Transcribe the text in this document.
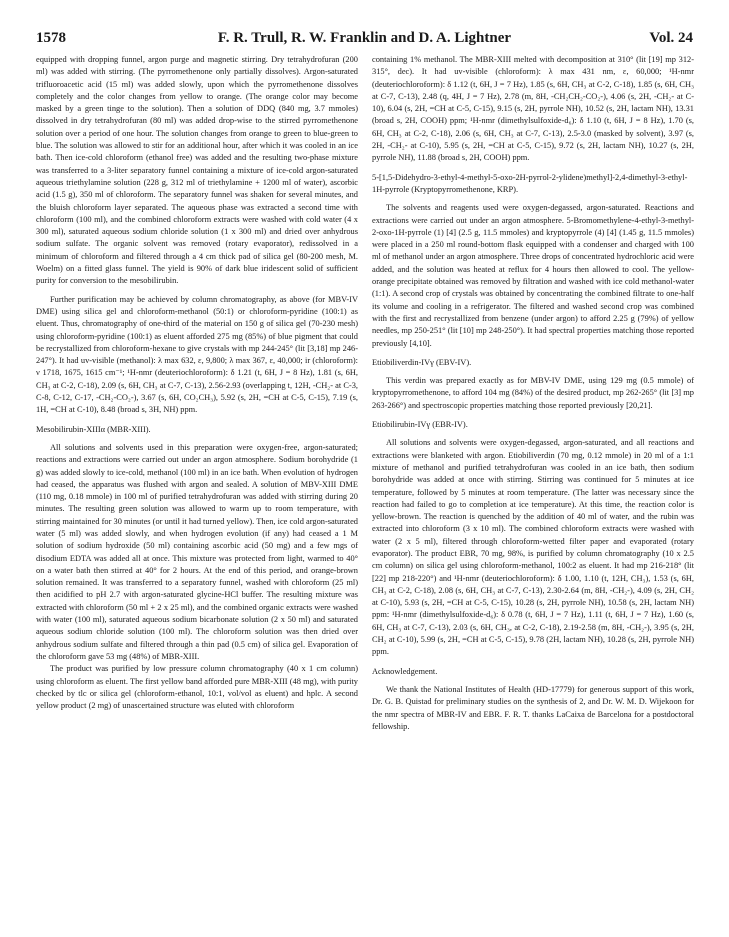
1578	F. R. Trull, R. W. Franklin and D. A. Lightner	Vol. 24

equipped with dropping funnel, argon purge and magnetic stirring. Dry tetrahydrofuran (200 ml) was added with stirring. (The pyrromethenone only partially dissolves). Argon-saturated trifluoroacetic acid (15 ml) was added slowly, upon which the pyrromethenone dissolves completely and the color changes from yellow to orange. (The orange color may become masked by a green tinge to the solution). Then a solution of DDQ (840 mg, 3.7 mmoles) dissolved in dry tetrahydrofuran (80 ml) was added drop-wise to the stirred pyrromethenone solution over a period of one hour. The solution changes from orange to green to blue-green to blue. The solution was allowed to stir for an additional hour, after which it was cooled in an ice bath. Then ice-cold chloroform (ethanol free) was added and the resulting two-phase mixture was transferred to a 3-liter separatory funnel containing a mixture of ice-cold argon-saturated aqueous triethylamine solution (228 g, 312 ml of triethylamine + 1200 ml of water), ascorbic acid (1.5 g), 350 ml of chloroform. The separatory funnel was shaken for several minutes, and the bluish chloroform layer separated. The aqueous phase was extracted a second time with chloroform (100 ml), and the combined chloroform extracts were washed with cold water (4 x 300 ml), saturated aqueous sodium chloride solution (1 x 300 ml) and dried over anhydrous sodium sulfate. The organic solvent was removed (rotary evaporator), redissolved in a minimum of chloroform and filtered through a 4 cm thick pad of silica gel (80-200 mesh, M. Woelm) on a fitted glass funnel. The yield is 90% of dark blue iridescent solid of sufficient purity for conversion to the mesobilirubin.

Further purification may be achieved by column chromatography, as above (for MBV-IV DME) using silica gel and chloroform-methanol (50:1) or chloroform-pyridine (100:1) as eluent. Thus, chromatography of one-third of the material on 150 g of silica gel (70-230 mesh) using chloroform-pyridine (100:1) as eluent afforded 275 mg (85%) of blue pigment that could be recrystallized from chloroform-hexane to give crystals with mp 244-245° (lit [3,18] mp 246-247°). It had uv-visible (methanol): λ max 632, ε, 9,800; λ max 367, ε, 40,000; ir (chloroform): ν 1718, 1675, 1615 cm⁻¹; ¹H-nmr (deuteriochloroform): δ 1.21 (t, 6H, J = 8 Hz), 1.81 (s, 6H, CH₃ at C-2, C-18), 2.09 (s, 6H, CH₃ at C-7, C-13), 2.56-2.93 (overlapping t, 12H, -CH₂- at C-3, C-8, C-12, C-17, -CH₂-CO₂-), 3.67 (s, 6H, CO₂CH₃), 5.92 (s, 2H, =CH at C-5, C-15), 7.19 (s, 1H, =CH at C-10), 8.48 (broad s, 3H, NH) ppm.

Mesobilirubin-XIIIα (MBR-XIII).

All solutions and solvents used in this preparation were oxygen-free, argon-saturated; reactions and extractions were carried out under an argon atmosphere. Sodium borohydride (1 g) was added slowly to ice-cold, methanol (100 ml) in an ice bath. When evolution of hydrogen had ceased, the apparatus was flushed with argon and sealed. A solution of MBV-XIII DME (110 mg, 0.18 mmole) in 100 ml of purified tetrahydrofuran was added with stirring during 20 minutes. The resulting green solution was allowed to warm up to room temperature, with stirring maintained for 30 minutes (or until it had turned yellow). Then, ice cold argon-saturated water (5 ml) was added slowly, and when hydrogen evolution (if any) had ceased a 1 M solution of sodium hydroxide (50 ml) containing ascorbic acid (50 mg) and a few mgs of disodium EDTA was added all at once. This mixture was protected from light, warmed to 40° on a water bath then stirred at 40° for 2 hours. At the end of this period, and orange-brown solution remained. It was transferred to a separatory funnel, washed with chloroform (25 ml) then acidified to pH 2.7 with argon-saturated glycine-HCl buffer. The resulting mixture was extracted with chloroform (50 ml + 2 x 25 ml), and the combined organic extracts were washed with water (100 ml), saturated aqueous sodium bicarbonate solution (2 x 50 ml) and saturated aqueous sodium chloride solution (100 ml). The chloroform solution was then dried over anhydrous sodium sulfate and filtered through a thin pad (0.5 cm) of silica gel. Evaporation of the chloroform gave 53 mg (48%) of MBR-XIII.

The product was purified by low pressure column chromatography (40 x 1 cm column) using chloroform as eluent. The first yellow band afforded pure MBR-XIII (48 mg), with purity checked by tlc or silica gel (chloroform-ethanol, 10:1, vol/vol as eluent) and hplc. A second yellow product (2 mg) of unascertained structure was eluted with chloroform

containing 1% methanol. The MBR-XIII melted with decomposition at 310° (lit [19] mp 312-315°, dec). It had uv-visible (chloroform): λ max 431 nm, ε, 60,000; ¹H-nmr (deuteriochloroform): δ 1.12 (t, 6H, J = 7 Hz), 1.85 (s, 6H, CH₃ at C-2, C-18), 1.85 (s, 6H, CH₃ at C-7, C-13), 2.48 (q, 4H, J = 7 Hz), 2.78 (m, 8H, -CH₂CH₂-CO₂-), 4.06 (s, 2H, -CH₂- at C-10), 6.04 (s, 2H, =CH at C-5, C-15), 9.15 (s, 2H, pyrrole NH), 10.52 (s, 2H, lactam NH), 13.31 (broad s, 2H, COOH) ppm; ¹H-nmr (dimethylsulfoxide-d₆): δ 1.10 (t, 6H, J = 8 Hz), 1.70 (s, 6H, CH₃ at C-2, C-18), 2.06 (s, 6H, CH₃ at C-7, C-13), 2.5-3.0 (masked by solvent), 3.97 (s, 2H, -CH₂- at C-10), 5.95 (s, 2H, =CH at C-5, C-15), 9.72 (s, 2H, lactam NH), 10.27 (s, 2H, pyrrole NH), 11.88 (broad s, 2H, COOH) ppm.

5-[1,5-Didehydro-3-ethyl-4-methyl-5-oxo-2H-pyrrol-2-ylidene)methyl]-2,4-dimethyl-3-ethyl-1H-pyrrole (Kryptopyrromethenone, KRP).

The solvents and reagents used were oxygen-degassed, argon-saturated. Reactions and extractions were carried out under an argon atmosphere. 5-Bromomethylene-4-ethyl-3-methyl-2-oxo-1H-pyrrole (1) [4] (2.5 g, 11.5 mmoles) and kryptopyrrole (4) [4] (1.45 g, 11.5 mmoles) were placed in a 250 ml round-bottom flask equipped with a condenser and charged with 100 ml of methanol under an argon atmosphere. Three drops of concentrated hydrochloric acid were added, and the solution was heated at reflux for 4 hours then allowed to cool. The yellow-orange precipitate obtained was removed by filtration and washed with ice cold methanol-water (1:1). A second crop of crystals was obtained by concentrating the combined filtrate to one-half its volume and cooling in a refrigerator. The filtered and washed second crop was combined with the first and recrystallized from benzene (under argon) to afford 2.25 g (79%) of yellow needles, mp 250-251° (lit [10] mp 248-250°). It had spectral properties matching those reported previously [4,10].

Etiobiliverdin-IVγ (EBV-IV).

This verdin was prepared exactly as for MBV-IV DME, using 129 mg (0.5 mmole) of kryptopyrromethenone, to afford 104 mg (84%) of the desired product, mp 262-265° (lit [3] mp 263-266°) and spectroscopic properties matching those reported previously [20,21].

Etiobilirubin-IVγ (EBR-IV).

All solutions and solvents were oxygen-degassed, argon-saturated, and all reactions and extractions were blanketed with argon. Etiobiliverdin (70 mg, 0.12 mmole) in 20 ml of a 1:1 mixture of methanol and purified tetrahydrofuran was cooled in an ice bath, then sodium borohydride was added at once with stirring. Stirring was continued for 5 minutes at ice temperature, followed by 5 minutes at room temperature. (The latter was necessary since the reaction had failed to go to completion at ice temperature). At this time, the reaction color is yellow-brown. The reaction is quenched by the addition of 40 ml of water, and the rubin was extracted into chloroform (3 x 10 ml). The combined chloroform extracts were washed with water (2 x 5 ml), filtered through chloroform-wetted filter paper and evaporated (rotary evaporator). The product EBR, 70 mg, 98%, is purified by column chromatography (10 x 2.5 cm column) on silica gel using chloroform-methanol, 100:2 as eluent. It had mp 216-218° (lit [22] mp 218-220°) and ¹H-nmr (deuteriochloroform): δ 1.00, 1.10 (t, 12H, CH₃), 1.53 (s, 6H, CH₃ at C-2, C-18), 2.08 (s, 6H, CH₃ at C-7, C-13), 2.30-2.64 (m, 8H, -CH₂-), 4.09 (s, 2H, CH₂ at C-10), 5.93 (s, 2H, =CH at C-5, C-15), 10.28 (s, 2H, pyrrole NH), 10.58 (s, 2H, lactam NH) ppm: ¹H-nmr (dimethylsulfoxide-d₆): δ 0.78 (t, 6H, J = 7 Hz), 1.11 (t, 6H, J = 7 Hz), 1.60 (s, 6H, CH₃ at C-7, C-13), 2.03 (s, 6H, CH₃, at C-2, C-18), 2.19-2.58 (m, 8H, -CH₂-), 3.95 (s, 2H, CH₂ at C-10), 5.99 (s, 2H, =CH at C-5, C-15), 9.78 (2H, lactam NH), 10.28 (s, 2H, pyrrole NH) ppm.

Acknowledgement.

We thank the National Institutes of Health (HD-17779) for generous support of this work, Dr. G. B. Quistad for preliminary studies on the synthesis of 2, and Dr. W. M. D. Wijekoon for the nmr spectra of MBR-IV and EBR. F. R. T. thanks LaCaixa de Barcelona for a postdoctoral fellowship.
